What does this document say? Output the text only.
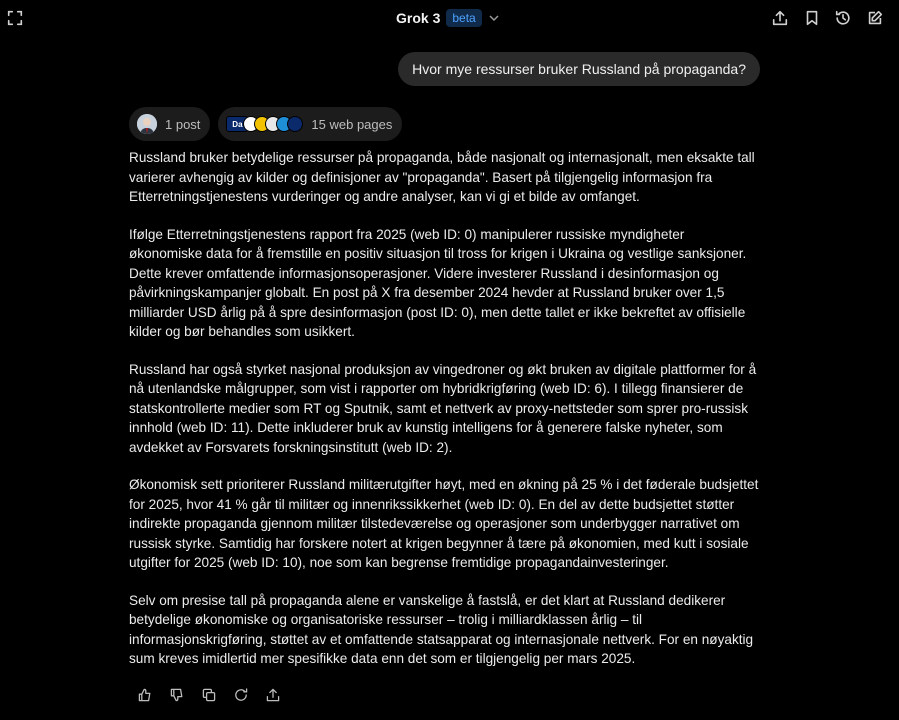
Grok 3	beta
Hvor mye ressurser bruker Russland på propaganda?
1 post	Da	15 web pages

Russland bruker betydelige ressurser på propaganda, både nasjonalt og internasjonalt, men eksakte tall varierer avhengig av kilder og definisjoner av "propaganda". Basert på tilgjengelig informasjon fra Etterretningstjenestens vurderinger og andre analyser, kan vi gi et bilde av omfanget.

Ifølge Etterretningstjenestens rapport fra 2025 (web ID: 0) manipulerer russiske myndigheter økonomiske data for å fremstille en positiv situasjon til tross for krigen i Ukraina og vestlige sanksjoner. Dette krever omfattende informasjonsoperasjoner. Videre investerer Russland i desinformasjon og påvirkningskampanjer globalt. En post på X fra desember 2024 hevder at Russland bruker over 1,5 milliarder USD årlig på å spre desinformasjon (post ID: 0), men dette tallet er ikke bekreftet av offisielle kilder og bør behandles som usikkert.

Russland har også styrket nasjonal produksjon av vingedroner og økt bruken av digitale plattformer for å nå utenlandske målgrupper, som vist i rapporter om hybridkrigføring (web ID: 6). I tillegg finansierer de statskontrollerte medier som RT og Sputnik, samt et nettverk av proxy-nettsteder som sprer pro-russisk innhold (web ID: 11). Dette inkluderer bruk av kunstig intelligens for å generere falske nyheter, som avdekket av Forsvarets forskningsinstitutt (web ID: 2).

Økonomisk sett prioriterer Russland militærutgifter høyt, med en økning på 25 % i det føderale budsjettet for 2025, hvor 41 % går til militær og innenrikssikkerhet (web ID: 0). En del av dette budsjettet støtter indirekte propaganda gjennom militær tilstedeværelse og operasjoner som underbygger narrativet om russisk styrke. Samtidig har forskere notert at krigen begynner å tære på økonomien, med kutt i sosiale utgifter for 2025 (web ID: 10), noe som kan begrense fremtidige propagandainvesteringer.

Selv om presise tall på propaganda alene er vanskelige å fastslå, er det klart at Russland dedikerer betydelige økonomiske og organisatoriske ressurser – trolig i milliardklassen årlig – til informasjonskrigføring, støttet av et omfattende statsapparat og internasjonale nettverk. For en nøyaktig sum kreves imidlertid mer spesifikke data enn det som er tilgjengelig per mars 2025.
